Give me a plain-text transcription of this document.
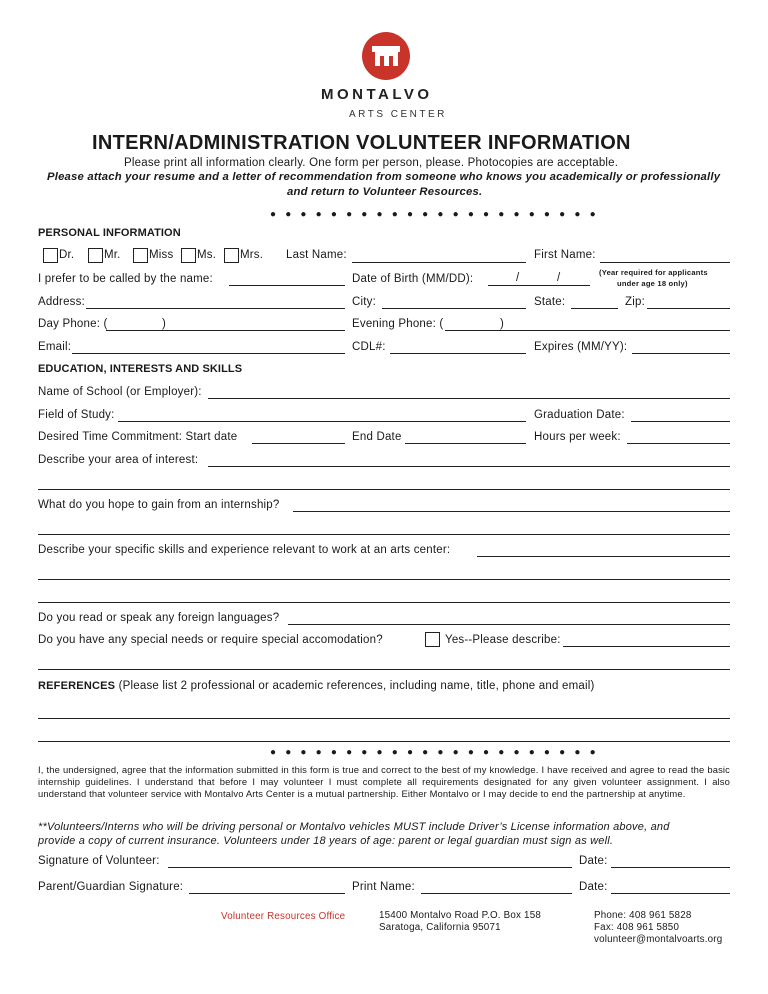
MONTALVO
ARTS CENTER
INTERN/ADMINISTRATION VOLUNTEER INFORMATION
Please print all information clearly. One form per person, please. Photocopies are acceptable.
Please attach your resume and a letter of recommendation from someone who knows you academically or professionally
and return to Volunteer Resources.
● ● ● ● ● ● ● ● ● ● ● ● ● ● ● ● ● ● ● ● ● ●
PERSONAL INFORMATION
Dr.	Mr. Miss Ms. Mrs. Last Name:	First Name:
I prefer to be called by the name:	Date of Birth (MM/DD):	/	/	(Year required for applicants
under age 18 only)
Address:	City:	State:	Zip:
Day Phone: (	)	Evening Phone: (	)
Email:	CDL#:	Expires (MM/YY):
EDUCATION, INTERESTS AND SKILLS
Name of School (or Employer):
Field of Study:	Graduation Date:
Desired Time Commitment: Start date	End Date	Hours per week:
Describe your area of interest:
What do you hope to gain from an internship?
Describe your specific skills and experience relevant to work at an arts center:
Do you read or speak any foreign languages?
Do you have any special needs or require special accomodation?	Yes--Please describe:
REFERENCES (Please list 2 professional or academic references, including name, title, phone and email)
● ● ● ● ● ● ● ● ● ● ● ● ● ● ● ● ● ● ● ● ● ●
I, the undersigned, agree that the information submitted in this form is true and correct to the best of my knowledge. I have received and agree to read the basic internship guidelines. I understand that before I may volunteer I must complete all requirements designated for any given volunteer assignment. I also understand that volunteer service with Montalvo Arts Center is a mutual partnership. Either Montalvo or I may decide to end the partnership at anytime.
**Volunteers/Interns who will be driving personal or Montalvo vehicles MUST include Driver’s License information above, and
provide a copy of current insurance. Volunteers under 18 years of age: parent or legal guardian must sign as well.
Signature of Volunteer:	Date:
Parent/Guardian Signature:	Print Name:	Date:
Volunteer Resources Office	15400 Montalvo Road P.O. Box 158
Saratoga, California 95071
Phone: 408 961 5828
Fax: 408 961 5850
volunteer@montalvoarts.org
